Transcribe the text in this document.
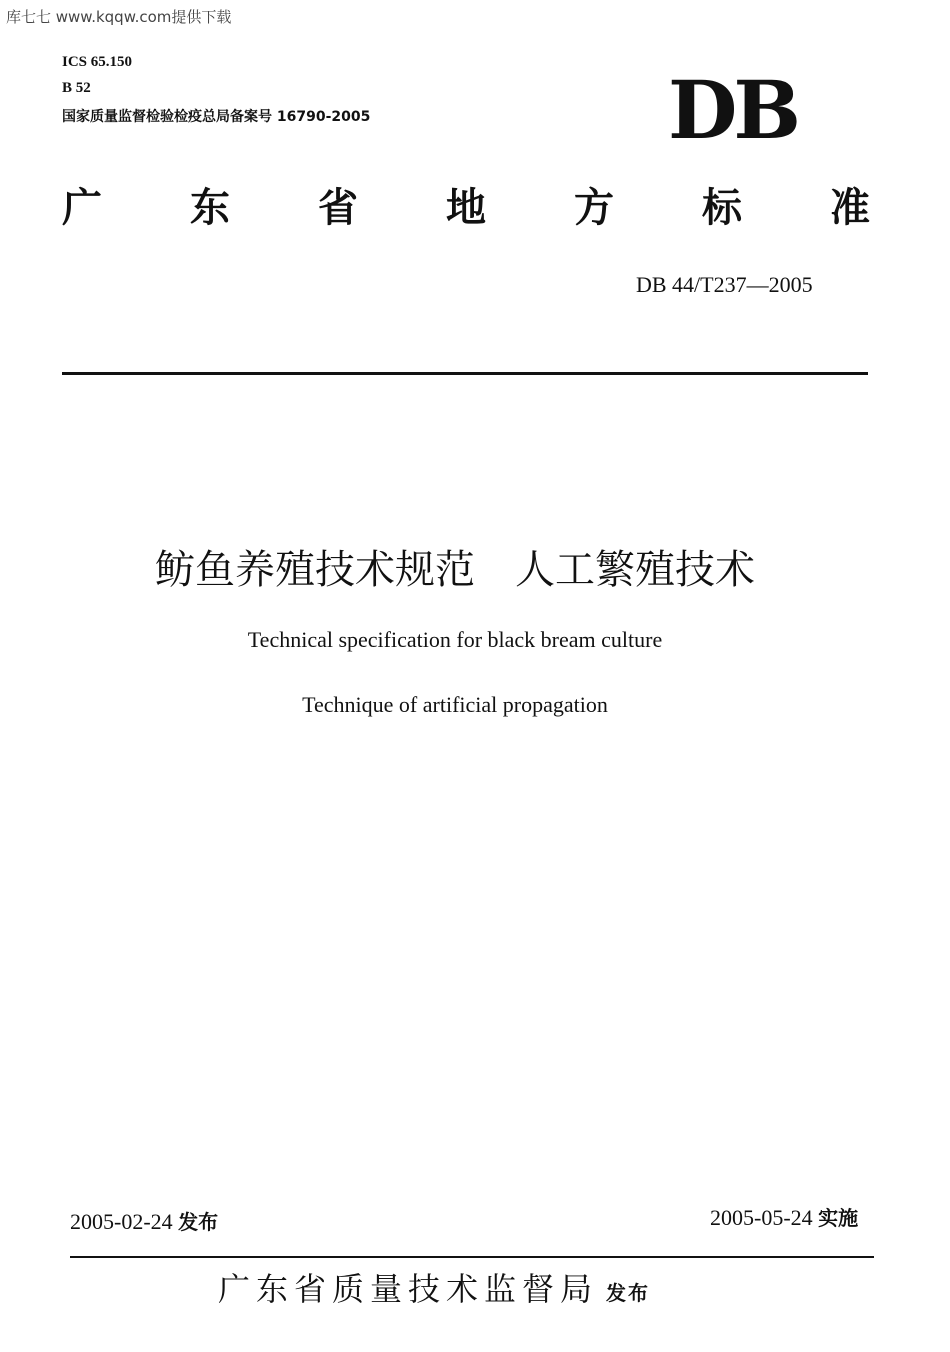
库七七 www.kqqw.com提供下载
ICS 65.150
B 52
国家质量监督检验检疫总局备案号 16790-2005	DB
广 东 省 地 方 标 准
DB 44/T237—2005
鲂鱼养殖技术规范　人工繁殖技术
Technical specification for black bream culture
Technique of artificial propagation
2005-02-24 发布	2005-05-24 实施
广东省质量技术监督局 发布
